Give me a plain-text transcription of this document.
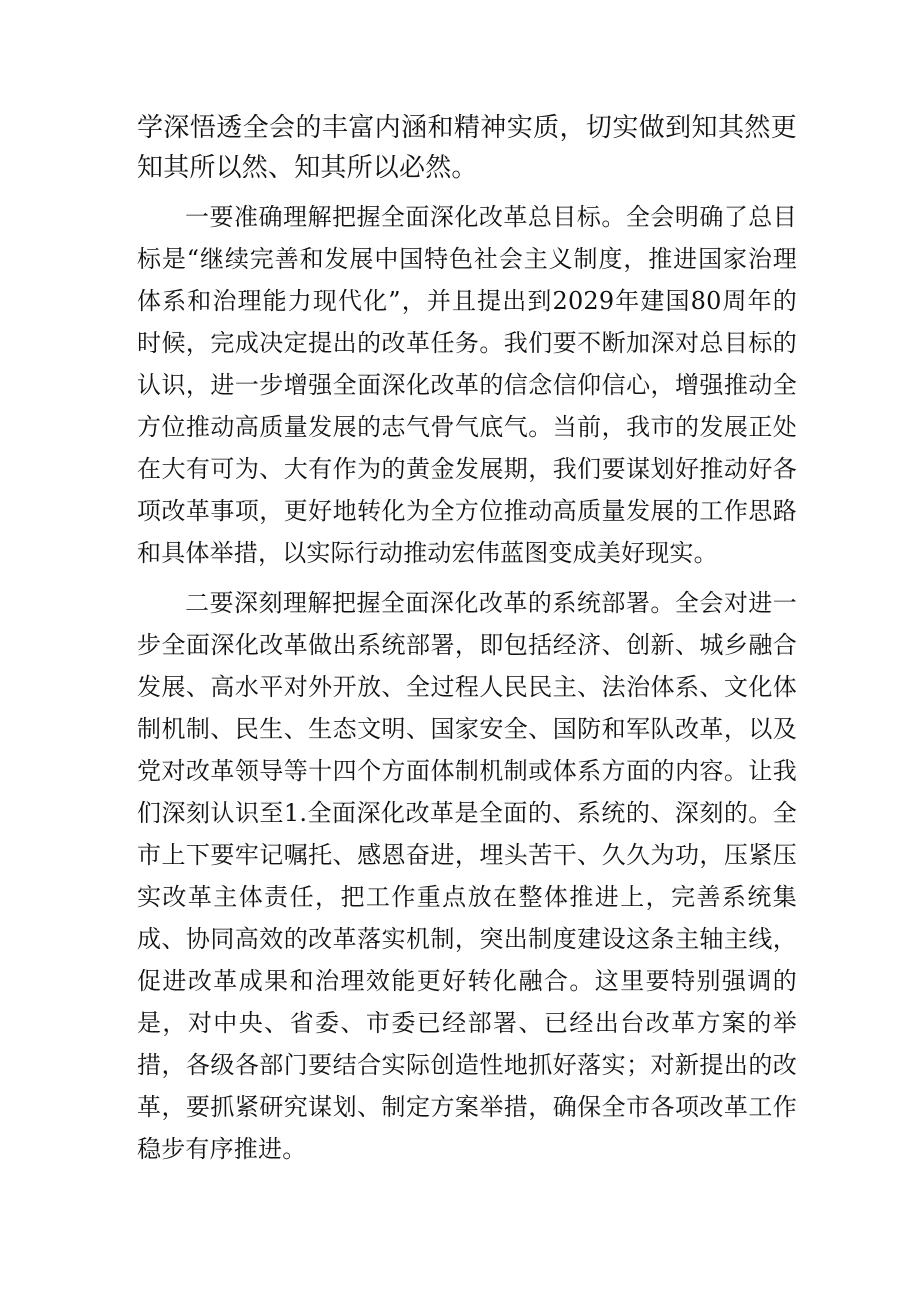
学深悟透全会的丰富内涵和精神实质，切实做到知其然更知其所以然、知其所以必然。

一要准确理解把握全面深化改革总目标。全会明确了总目标是“继续完善和发展中国特色社会主义制度，推进国家治理体系和治理能力现代化”，并且提出到2029年建国80周年的时候，完成决定提出的改革任务。我们要不断加深对总目标的认识，进一步增强全面深化改革的信念信仰信心，增强推动全方位推动高质量发展的志气骨气底气。当前，我市的发展正处在大有可为、大有作为的黄金发展期，我们要谋划好推动好各项改革事项，更好地转化为全方位推动高质量发展的工作思路和具体举措，以实际行动推动宏伟蓝图变成美好现实。

二要深刻理解把握全面深化改革的系统部署。全会对进一步全面深化改革做出系统部署，即包括经济、创新、城乡融合发展、高水平对外开放、全过程人民民主、法治体系、文化体制机制、民生、生态文明、国家安全、国防和军队改革，以及党对改革领导等十四个方面体制机制或体系方面的内容。让我们深刻认识至1.全面深化改革是全面的、系统的、深刻的。全市上下要牢记嘱托、感恩奋进，埋头苦干、久久为功，压紧压实改革主体责任，把工作重点放在整体推进上，完善系统集成、协同高效的改革落实机制，突出制度建设这条主轴主线，促进改革成果和治理效能更好转化融合。这里要特别强调的是，对中央、省委、市委已经部署、已经出台改革方案的举措，各级各部门要结合实际创造性地抓好落实；对新提出的改革，要抓紧研究谋划、制定方案举措，确保全市各项改革工作稳步有序推进。
